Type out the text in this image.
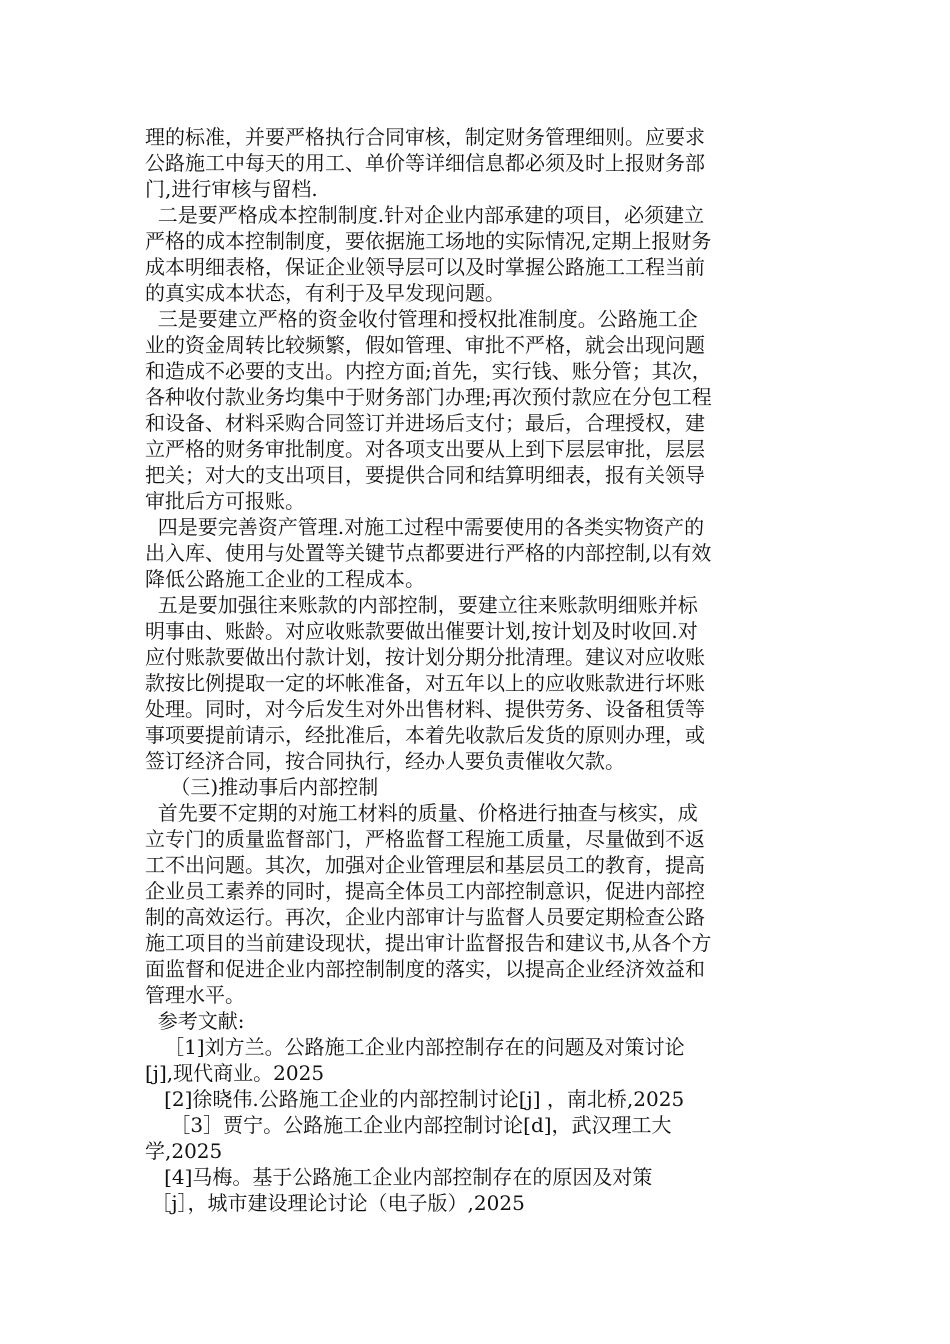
理的标准，并要严格执行合同审核，制定财务管理细则。应要求
公路施工中每天的用工、单价等详细信息都必须及时上报财务部
门,进行审核与留档.
二是要严格成本控制制度.针对企业内部承建的项目，必须建立
严格的成本控制制度，要依据施工场地的实际情况,定期上报财务
成本明细表格，保证企业领导层可以及时掌握公路施工工程当前
的真实成本状态，有利于及早发现问题。
三是要建立严格的资金收付管理和授权批准制度。公路施工企
业的资金周转比较频繁，假如管理、审批不严格，就会出现问题
和造成不必要的支出。内控方面;首先，实行钱、账分管；其次，
各种收付款业务均集中于财务部门办理;再次预付款应在分包工程
和设备、材料采购合同签订并进场后支付；最后，合理授权，建
立严格的财务审批制度。对各项支出要从上到下层层审批，层层
把关；对大的支出项目，要提供合同和结算明细表，报有关领导
审批后方可报账。
四是要完善资产管理.对施工过程中需要使用的各类实物资产的
出入库、使用与处置等关键节点都要进行严格的内部控制,以有效
降低公路施工企业的工程成本。
五是要加强往来账款的内部控制，要建立往来账款明细账并标
明事由、账龄。对应收账款要做出催要计划,按计划及时收回.对
应付账款要做出付款计划，按计划分期分批清理。建议对应收账
款按比例提取一定的坏帐准备，对五年以上的应收账款进行坏账
处理。同时，对今后发生对外出售材料、提供劳务、设备租赁等
事项要提前请示，经批准后，本着先收款后发货的原则办理，或
签订经济合同，按合同执行，经办人要负责催收欠款。
（三)推动事后内部控制
首先要不定期的对施工材料的质量、价格进行抽查与核实，成
立专门的质量监督部门，严格监督工程施工质量，尽量做到不返
工不出问题。其次，加强对企业管理层和基层员工的教育，提高
企业员工素养的同时，提高全体员工内部控制意识，促进内部控
制的高效运行。再次，企业内部审计与监督人员要定期检查公路
施工项目的当前建设现状，提出审计监督报告和建议书,从各个方
面监督和促进企业内部控制制度的落实，以提高企业经济效益和
管理水平。
参考文献:
［1]刘方兰。公路施工企业内部控制存在的问题及对策讨论
[j],现代商业。2025
[2]徐晓伟.公路施工企业的内部控制讨论[j] ，南北桥,2025
［3］贾宁。公路施工企业内部控制讨论[d]，武汉理工大
学,2025
[4]马梅。基于公路施工企业内部控制存在的原因及对策
［j］，城市建设理论讨论（电子版）,2025
